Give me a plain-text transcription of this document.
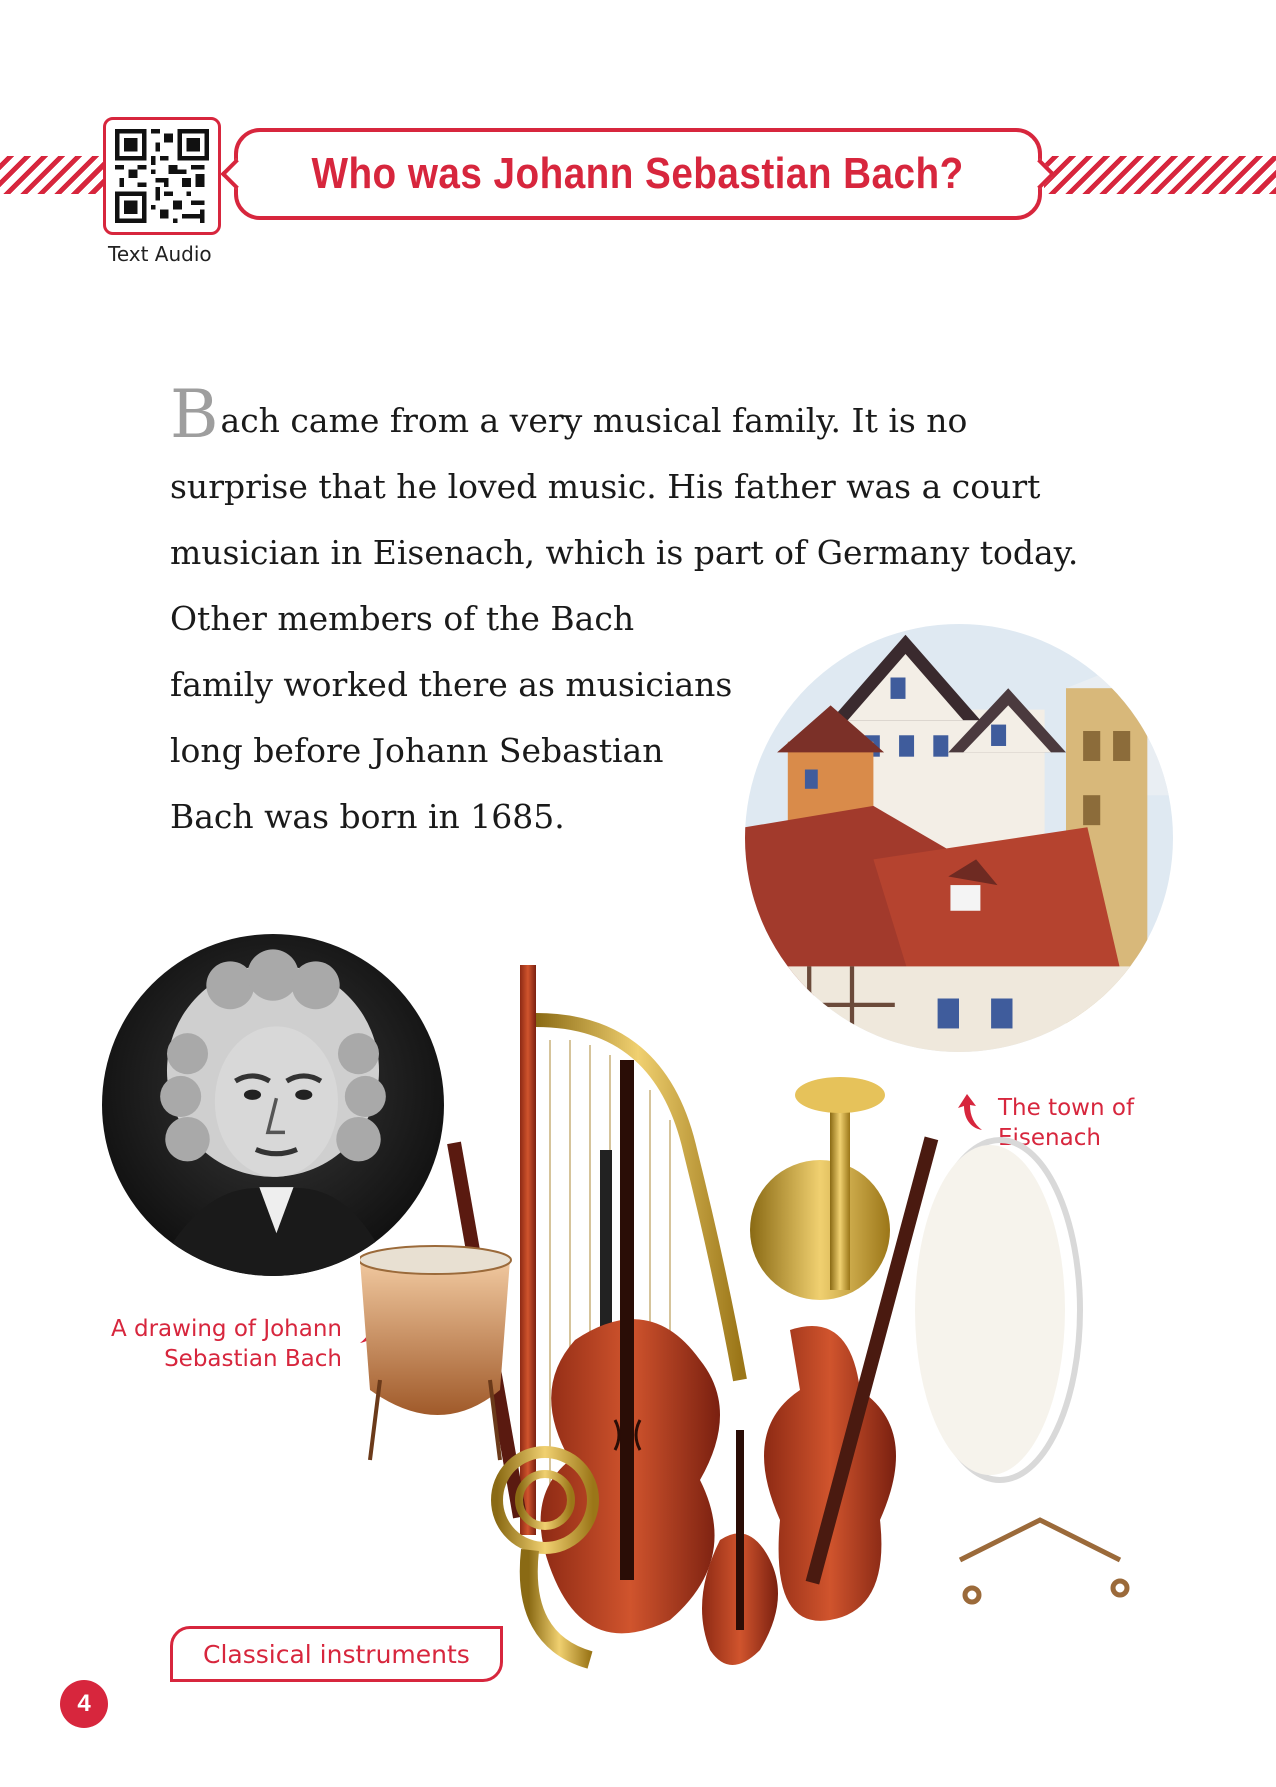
Text Audio
Who was Johann Sebastian Bach?
B ach came from a very musical family. It is no

surprise that he loved music. His father was a court

musician in Eisenach, which is part of Germany today.

Other members of the Bach

family worked there as musicians

long before Johann Sebastian

Bach was born in 1685.

The town of
Eisenach
A drawing of Johann
Sebastian Bach
Classical instruments
4
